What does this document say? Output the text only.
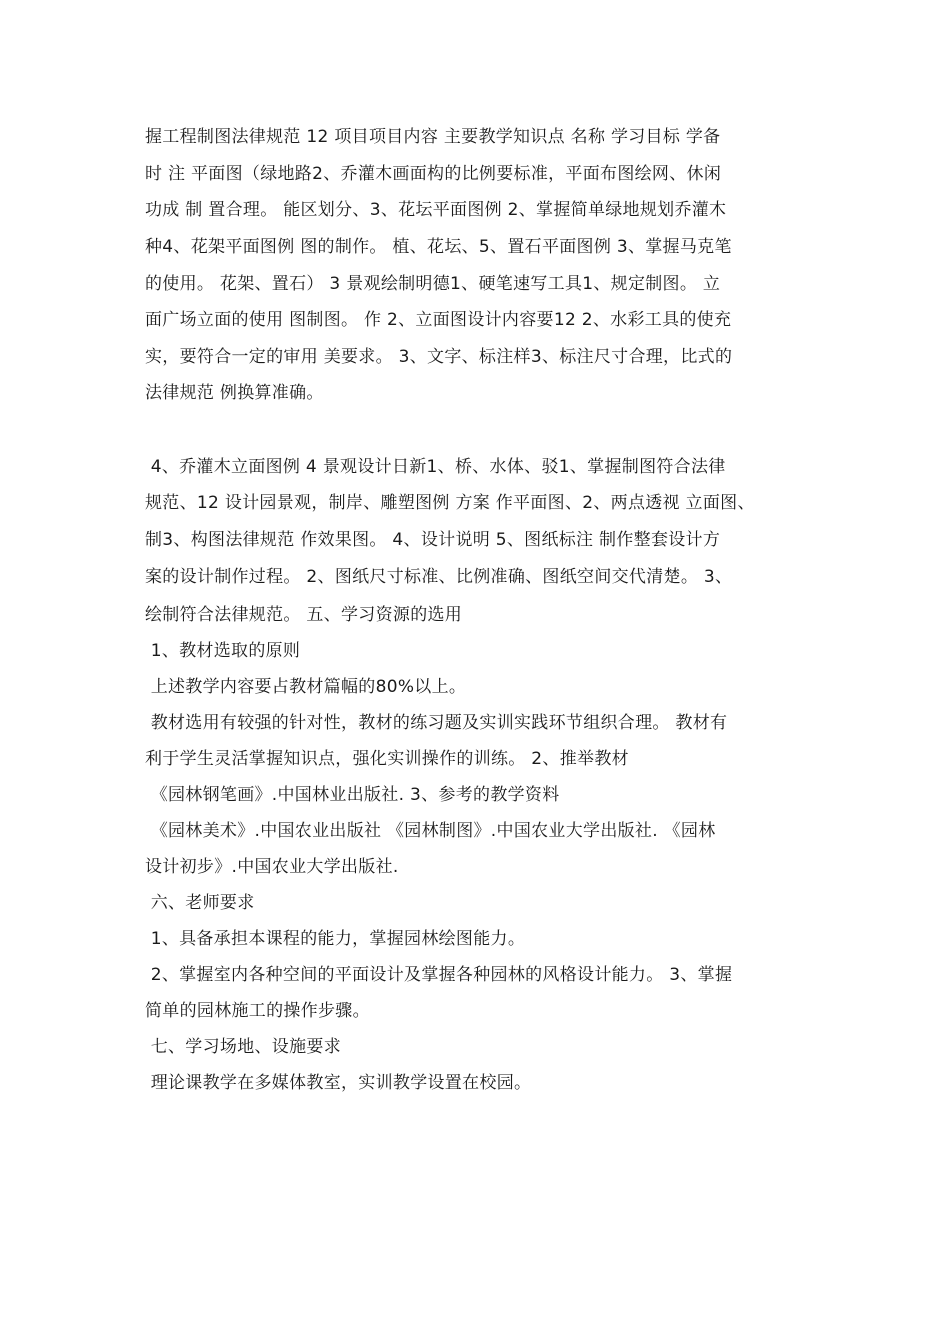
握工程制图法律规范 12 项目项目内容 主要教学知识点 名称 学习目标 学备
时 注 平面图（绿地路2、乔灌木画面构的比例要标准，平面布图绘网、休闲
功成 制 置合理。 能区划分、3、花坛平面图例 2、掌握简单绿地规划乔灌木
种4、花架平面图例 图的制作。 植、花坛、5、置石平面图例 3、掌握马克笔
的使用。 花架、置石） 3 景观绘制明德1、硬笔速写工具1、规定制图。 立
面广场立面的使用 图制图。 作 2、立面图设计内容要12 2、水彩工具的使充
实，要符合一定的审用 美要求。 3、文字、标注样3、标注尺寸合理，比式的
法律规范 例换算准确。
4、乔灌木立面图例 4 景观设计日新1、桥、水体、驳1、掌握制图符合法律
规范、12 设计园景观，制岸、雕塑图例 方案 作平面图、2、两点透视 立面图、
制3、构图法律规范 作效果图。 4、设计说明 5、图纸标注 制作整套设计方
案的设计制作过程。 2、图纸尺寸标准、比例准确、图纸空间交代清楚。 3、
绘制符合法律规范。 五、学习资源的选用
1、教材选取的原则
上述教学内容要占教材篇幅的80%以上。
教材选用有较强的针对性，教材的练习题及实训实践环节组织合理。 教材有
利于学生灵活掌握知识点，强化实训操作的训练。 2、推举教材
《园林钢笔画》.中国林业出版社. 3、参考的教学资料
《园林美术》.中国农业出版社 《园林制图》.中国农业大学出版社. 《园林
设计初步》.中国农业大学出版社.
六、老师要求
1、具备承担本课程的能力，掌握园林绘图能力。
2、掌握室内各种空间的平面设计及掌握各种园林的风格设计能力。 3、掌握
简单的园林施工的操作步骤。
七、学习场地、设施要求
理论课教学在多媒体教室，实训教学设置在校园。
